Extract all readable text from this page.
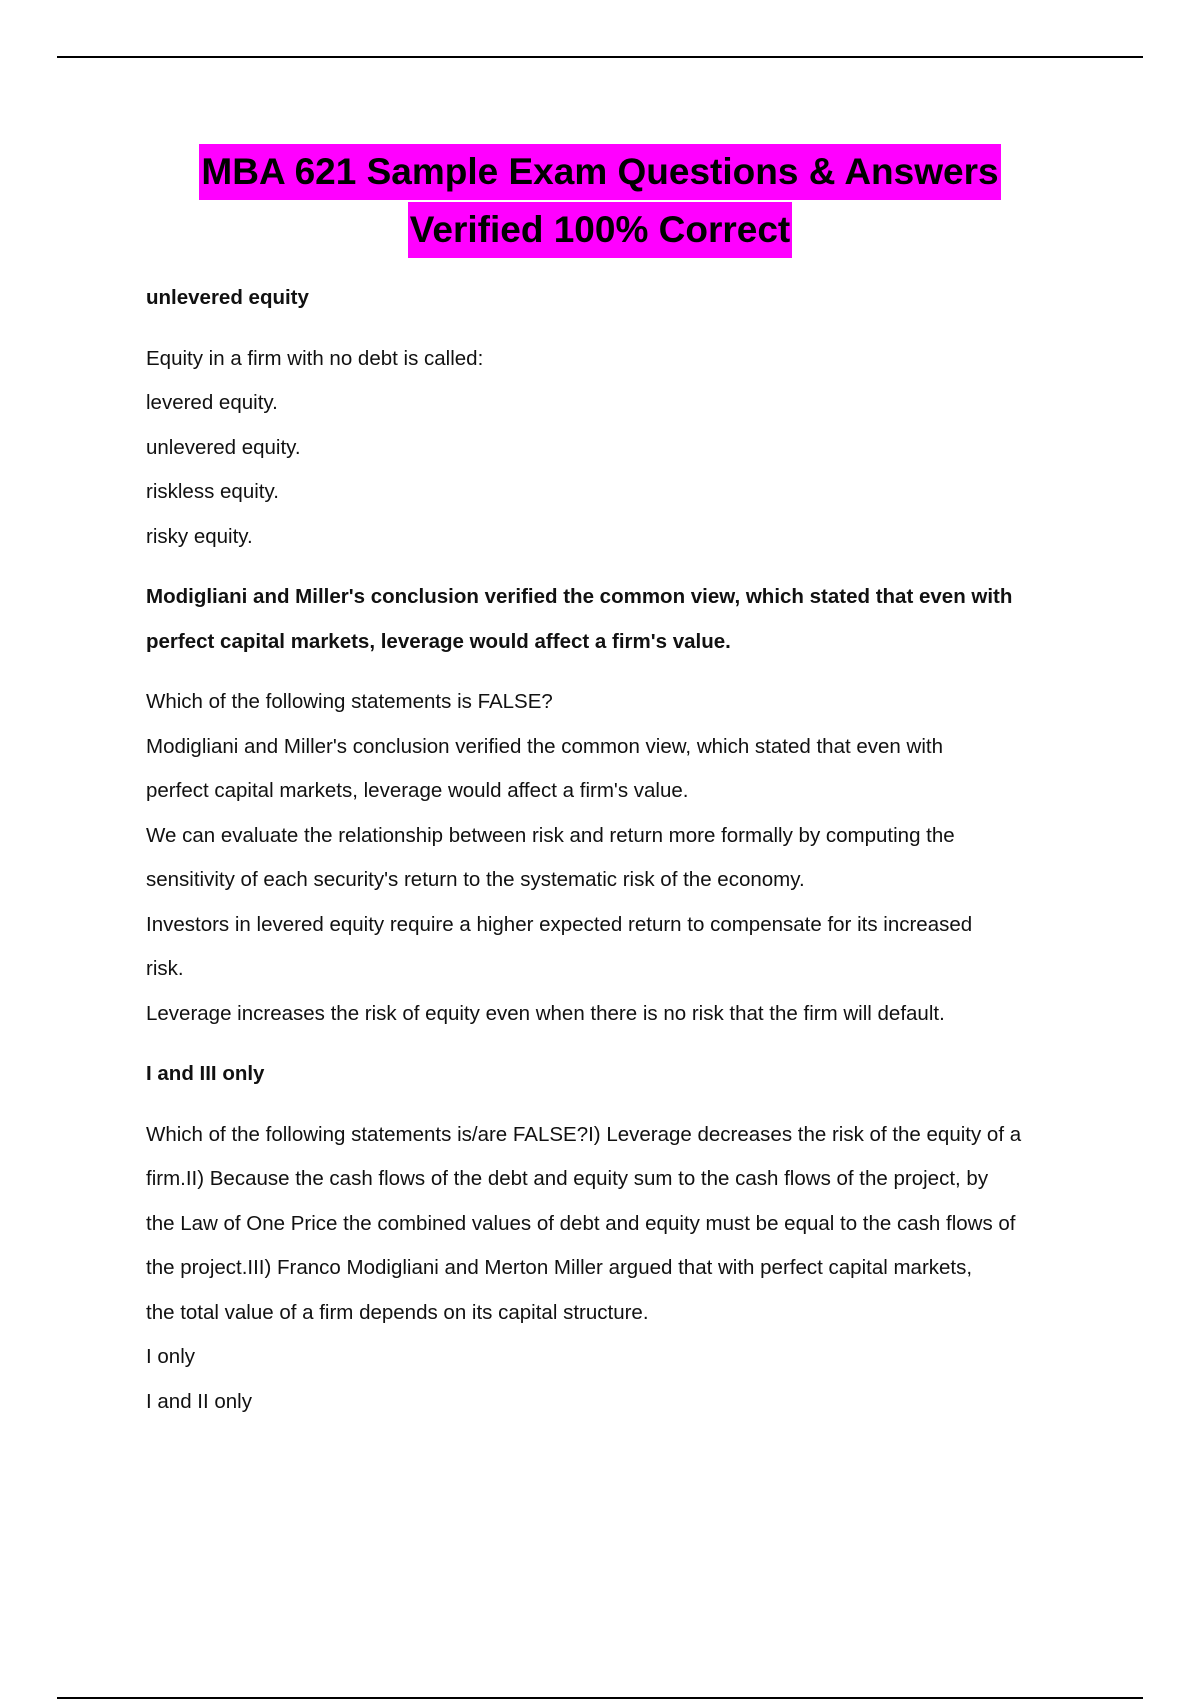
MBA 621 Sample Exam Questions & Answers
Verified 100% Correct
unlevered equity

Equity in a firm with no debt is called:

levered equity.

unlevered equity.

riskless equity.

risky equity.

Modigliani and Miller's conclusion verified the common view, which stated that even with

perfect capital markets, leverage would affect a firm's value.

Which of the following statements is FALSE?

Modigliani and Miller's conclusion verified the common view, which stated that even with

perfect capital markets, leverage would affect a firm's value.

We can evaluate the relationship between risk and return more formally by computing the

sensitivity of each security's return to the systematic risk of the economy.

Investors in levered equity require a higher expected return to compensate for its increased

risk.

Leverage increases the risk of equity even when there is no risk that the firm will default.

I and III only

Which of the following statements is/are FALSE?I) Leverage decreases the risk of the equity of a

firm.II) Because the cash flows of the debt and equity sum to the cash flows of the project, by

the Law of One Price the combined values of debt and equity must be equal to the cash flows of

the project.III) Franco Modigliani and Merton Miller argued that with perfect capital markets,

the total value of a firm depends on its capital structure.

I only

I and II only
